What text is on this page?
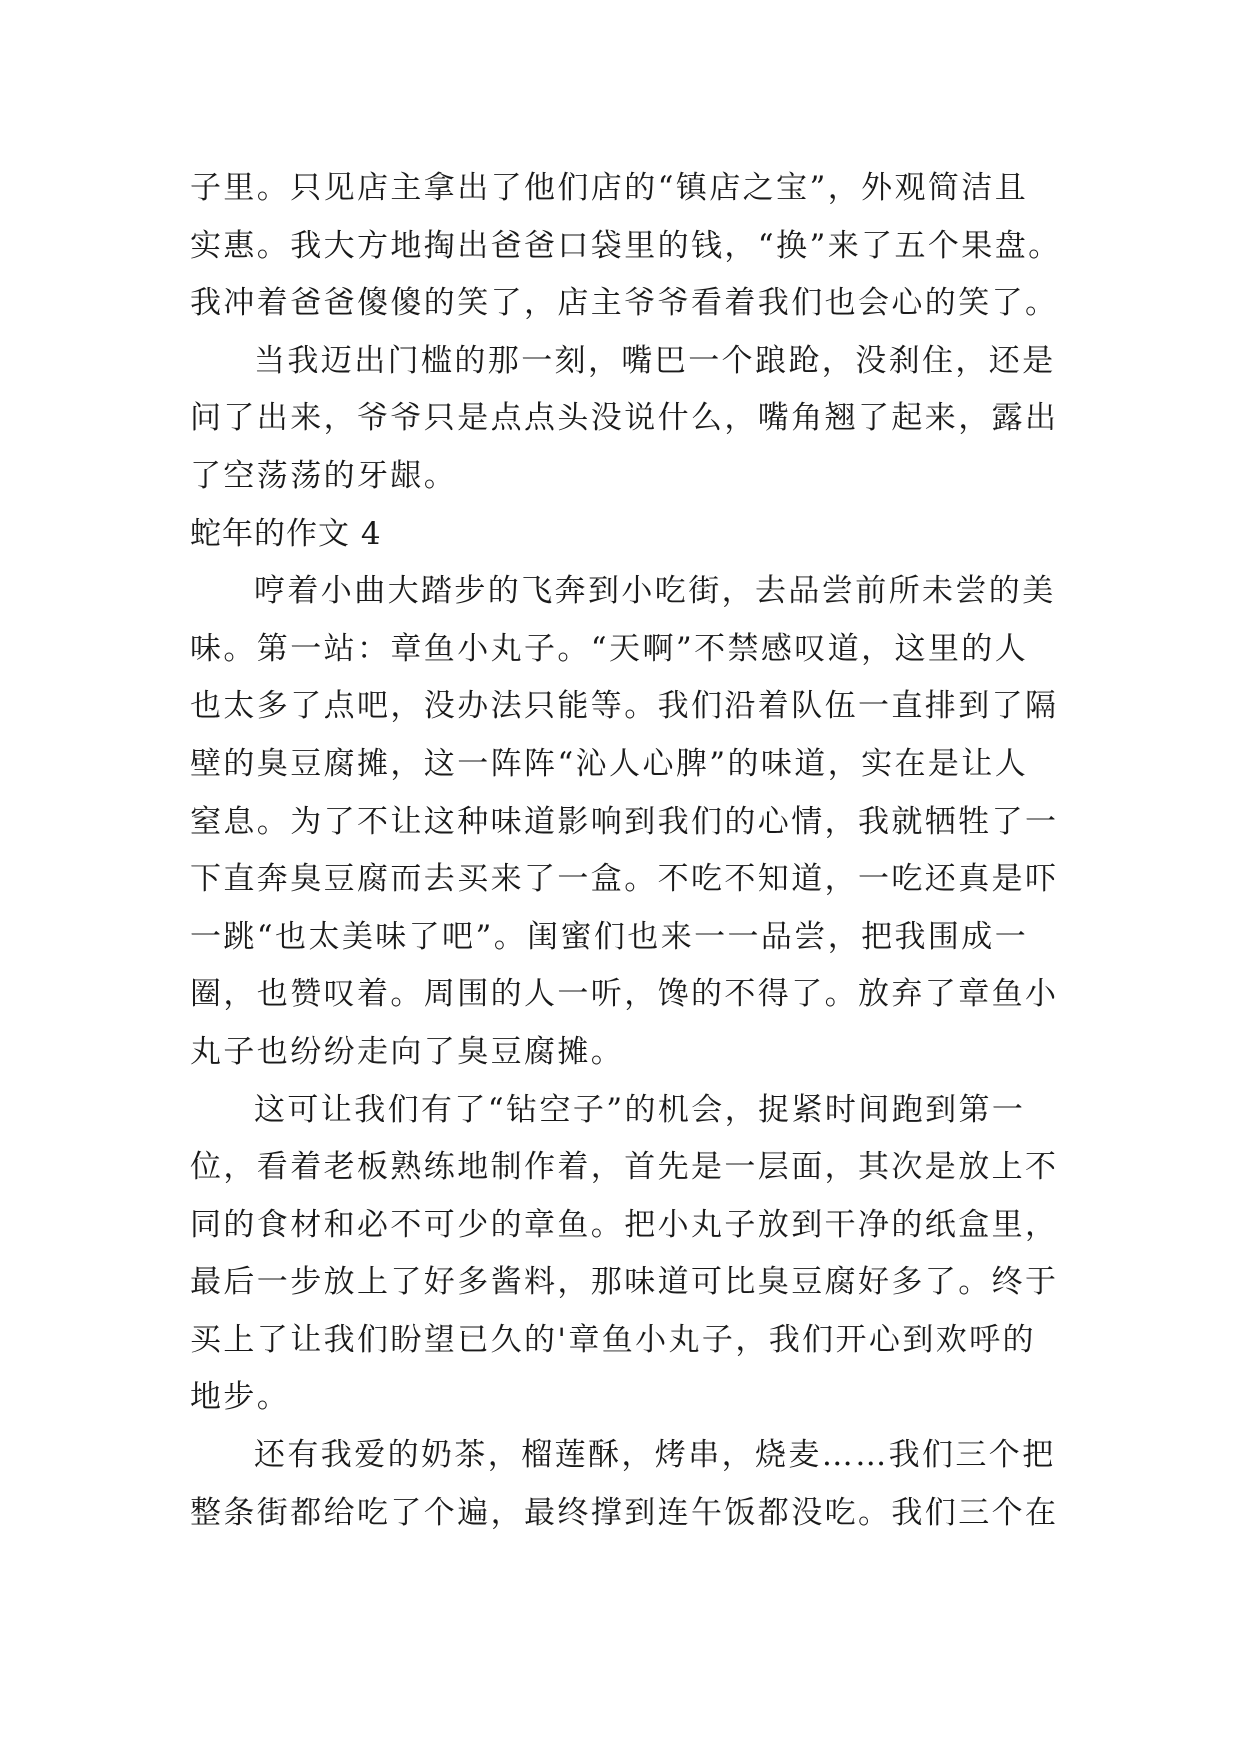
子里。只见店主拿出了他们店的“镇店之宝”，外观简洁且
实惠。我大方地掏出爸爸口袋里的钱，“换”来了五个果盘。
我冲着爸爸傻傻的笑了，店主爷爷看着我们也会心的笑了。
当我迈出门槛的那一刻，嘴巴一个踉跄，没刹住，还是
问了出来，爷爷只是点点头没说什么，嘴角翘了起来，露出
了空荡荡的牙龈。
蛇年的作文 4
哼着小曲大踏步的飞奔到小吃街，去品尝前所未尝的美
味。第一站：章鱼小丸子。“天啊”不禁感叹道，这里的人
也太多了点吧，没办法只能等。我们沿着队伍一直排到了隔
壁的臭豆腐摊，这一阵阵“沁人心脾”的味道，实在是让人
窒息。为了不让这种味道影响到我们的心情，我就牺牲了一
下直奔臭豆腐而去买来了一盒。不吃不知道，一吃还真是吓
一跳“也太美味了吧”。闺蜜们也来一一品尝，把我围成一
圈，也赞叹着。周围的人一听，馋的不得了。放弃了章鱼小
丸子也纷纷走向了臭豆腐摊。
这可让我们有了“钻空子”的机会，捉紧时间跑到第一
位，看着老板熟练地制作着，首先是一层面，其次是放上不
同的食材和必不可少的章鱼。把小丸子放到干净的纸盒里，
最后一步放上了好多酱料，那味道可比臭豆腐好多了。终于
买上了让我们盼望已久的'章鱼小丸子，我们开心到欢呼的
地步。
还有我爱的奶茶，榴莲酥，烤串，烧麦……我们三个把
整条街都给吃了个遍，最终撑到连午饭都没吃。我们三个在
